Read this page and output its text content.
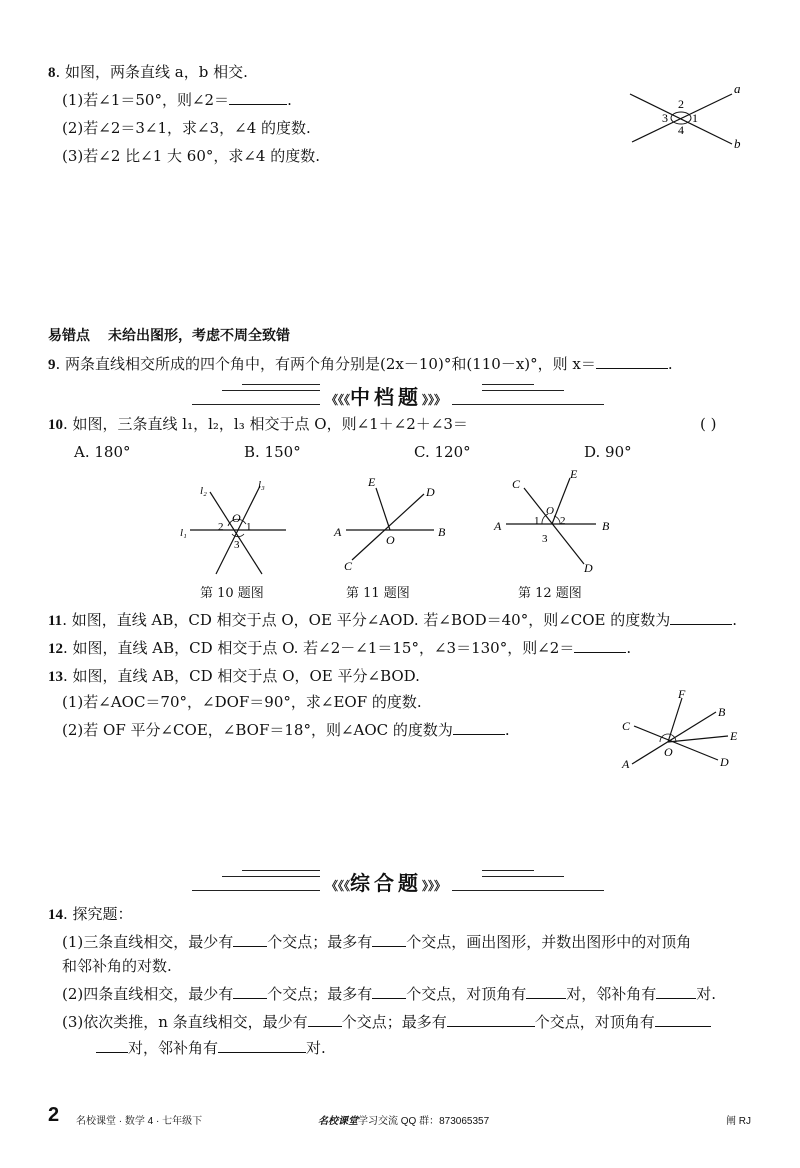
8. 如图，两条直线 a，b 相交.
(1)若∠1＝50°，则∠2＝	.
(2)若∠2＝3∠1，求∠3，∠4 的度数.
(3)若∠2 比∠1 大 60°，求∠4 的度数.
a
b
2
1
3
4
易错点 未给出图形，考虑不周全致错
9. 两条直线相交所成的四个角中，有两个角分别是(2x－10)°和(110－x)°，则 x＝	.
《《《中档题》》》
10. 如图，三条直线 l₁，l₂，l₃ 相交于点 O，则∠1＋∠2＋∠3＝	( )
A. 180°	B. 150°	C. 120°	D. 90°
l₂	l₃
l₁
O
1
2
3
第 10 题图
A	B
C
D
E
O
第 11 题图
A	B
C
D
E
O
1 2
3
第 12 题图
11. 如图，直线 AB，CD 相交于点 O，OE 平分∠AOD. 若∠BOD＝40°，则∠COE 的度数为	.
12. 如图，直线 AB，CD 相交于点 O. 若∠2－∠1＝15°，∠3＝130°，则∠2＝	.
13. 如图，直线 AB，CD 相交于点 O，OE 平分∠BOD.
(1)若∠AOC＝70°，∠DOF＝90°，求∠EOF 的度数.
(2)若 OF 平分∠COE，∠BOF＝18°，则∠AOC 的度数为	.	C
A
B
E
D
F
O
《《《综合题》》》
14. 探究题：
(1)三条直线相交，最少有 个交点；最多有 个交点，画出图形，并数出图形中的对顶角
和邻补角的对数.
(2)四条直线相交，最少有 个交点；最多有 个交点，对顶角有	对，邻补角有	对.
(3)依次类推，n 条直线相交，最少有 个交点；最多有	个交点，对顶角有
对，邻补角有	对.
2 名校课堂 · 数学 4 · 七年级下	名校课堂学习交流 QQ 群：873065357	阐 RJ
